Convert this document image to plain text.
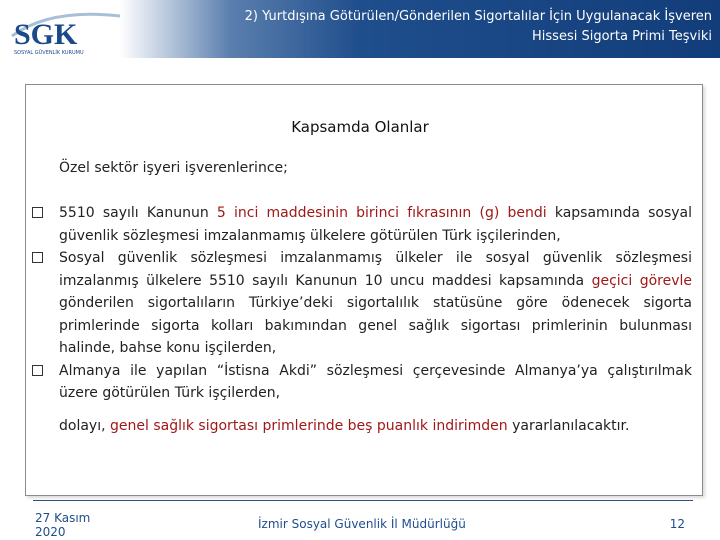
SGK
SOSYAL GÜVENLİK KURUMU
2) Yurtdışına Götürülen/Gönderilen Sigortalılar İçin Uygulanacak İşveren
Hissesi Sigorta Primi Teşviki
Kapsamda Olanlar
Özel sektör işyeri işverenlerince;
5510 sayılı Kanunun 5 inci maddesinin birinci fıkrasının (g) bendi kapsamında sosyal güvenlik sözleşmesi imzalanmamış ülkelere götürülen Türk işçilerinden,
Sosyal güvenlik sözleşmesi imzalanmamış ülkeler ile sosyal güvenlik sözleşmesi imzalanmış ülkelere 5510 sayılı Kanunun 10 uncu maddesi kapsamında geçici görevle gönderilen sigortalıların Türkiye’deki sigortalılık statüsüne göre ödenecek sigorta primlerinde sigorta kolları bakımından genel sağlık sigortası primlerinin bulunması halinde, bahse konu işçilerden,
Almanya ile yapılan “İstisna Akdi” sözleşmesi çerçevesinde Almanya’ya çalıştırılmak üzere götürülen Türk işçilerden,
dolayı, genel sağlık sigortası primlerinde beş puanlık indirimden yararlanılacaktır.
27 Kasım
2020
İzmir Sosyal Güvenlik İl Müdürlüğü	12
